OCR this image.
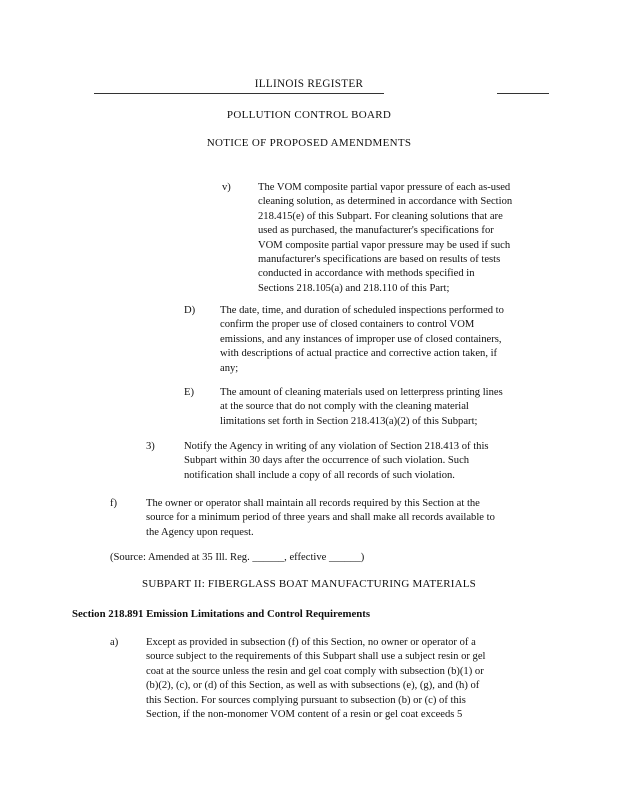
ILLINOIS REGISTER

POLLUTION CONTROL BOARD

NOTICE OF PROPOSED AMENDMENTS

v)	The VOM composite partial vapor pressure of each as-used
cleaning solution, as determined in accordance with Section
218.415(e) of this Subpart. For cleaning solutions that are
used as purchased, the manufacturer's specifications for
VOM composite partial vapor pressure may be used if such
manufacturer's specifications are based on results of tests
conducted in accordance with methods specified in
Sections 218.105(a) and 218.110 of this Part;

D) The date, time, and duration of scheduled inspections performed to
confirm the proper use of closed containers to control VOM
emissions, and any instances of improper use of closed containers,
with descriptions of actual practice and corrective action taken, if
any;

E) The amount of cleaning materials used on letterpress printing lines
at the source that do not comply with the cleaning material
limitations set forth in Section 218.413(a)(2) of this Subpart;

3)	Notify the Agency in writing of any violation of Section 218.413 of this
Subpart within 30 days after the occurrence of such violation. Such
notification shall include a copy of all records of such violation.

f)	The owner or operator shall maintain all records required by this Section at the
source for a minimum period of three years and shall make all records available to
the Agency upon request.

(Source: Amended at 35 Ill. Reg. ______, effective ______)

SUBPART II: FIBERGLASS BOAT MANUFACTURING MATERIALS

Section 218.891 Emission Limitations and Control Requirements

a)	Except as provided in subsection (f) of this Section, no owner or operator of a
source subject to the requirements of this Subpart shall use a subject resin or gel
coat at the source unless the resin and gel coat comply with subsection (b)(1) or
(b)(2), (c), or (d) of this Section, as well as with subsections (e), (g), and (h) of
this Section. For sources complying pursuant to subsection (b) or (c) of this
Section, if the non-monomer VOM content of a resin or gel coat exceeds 5
